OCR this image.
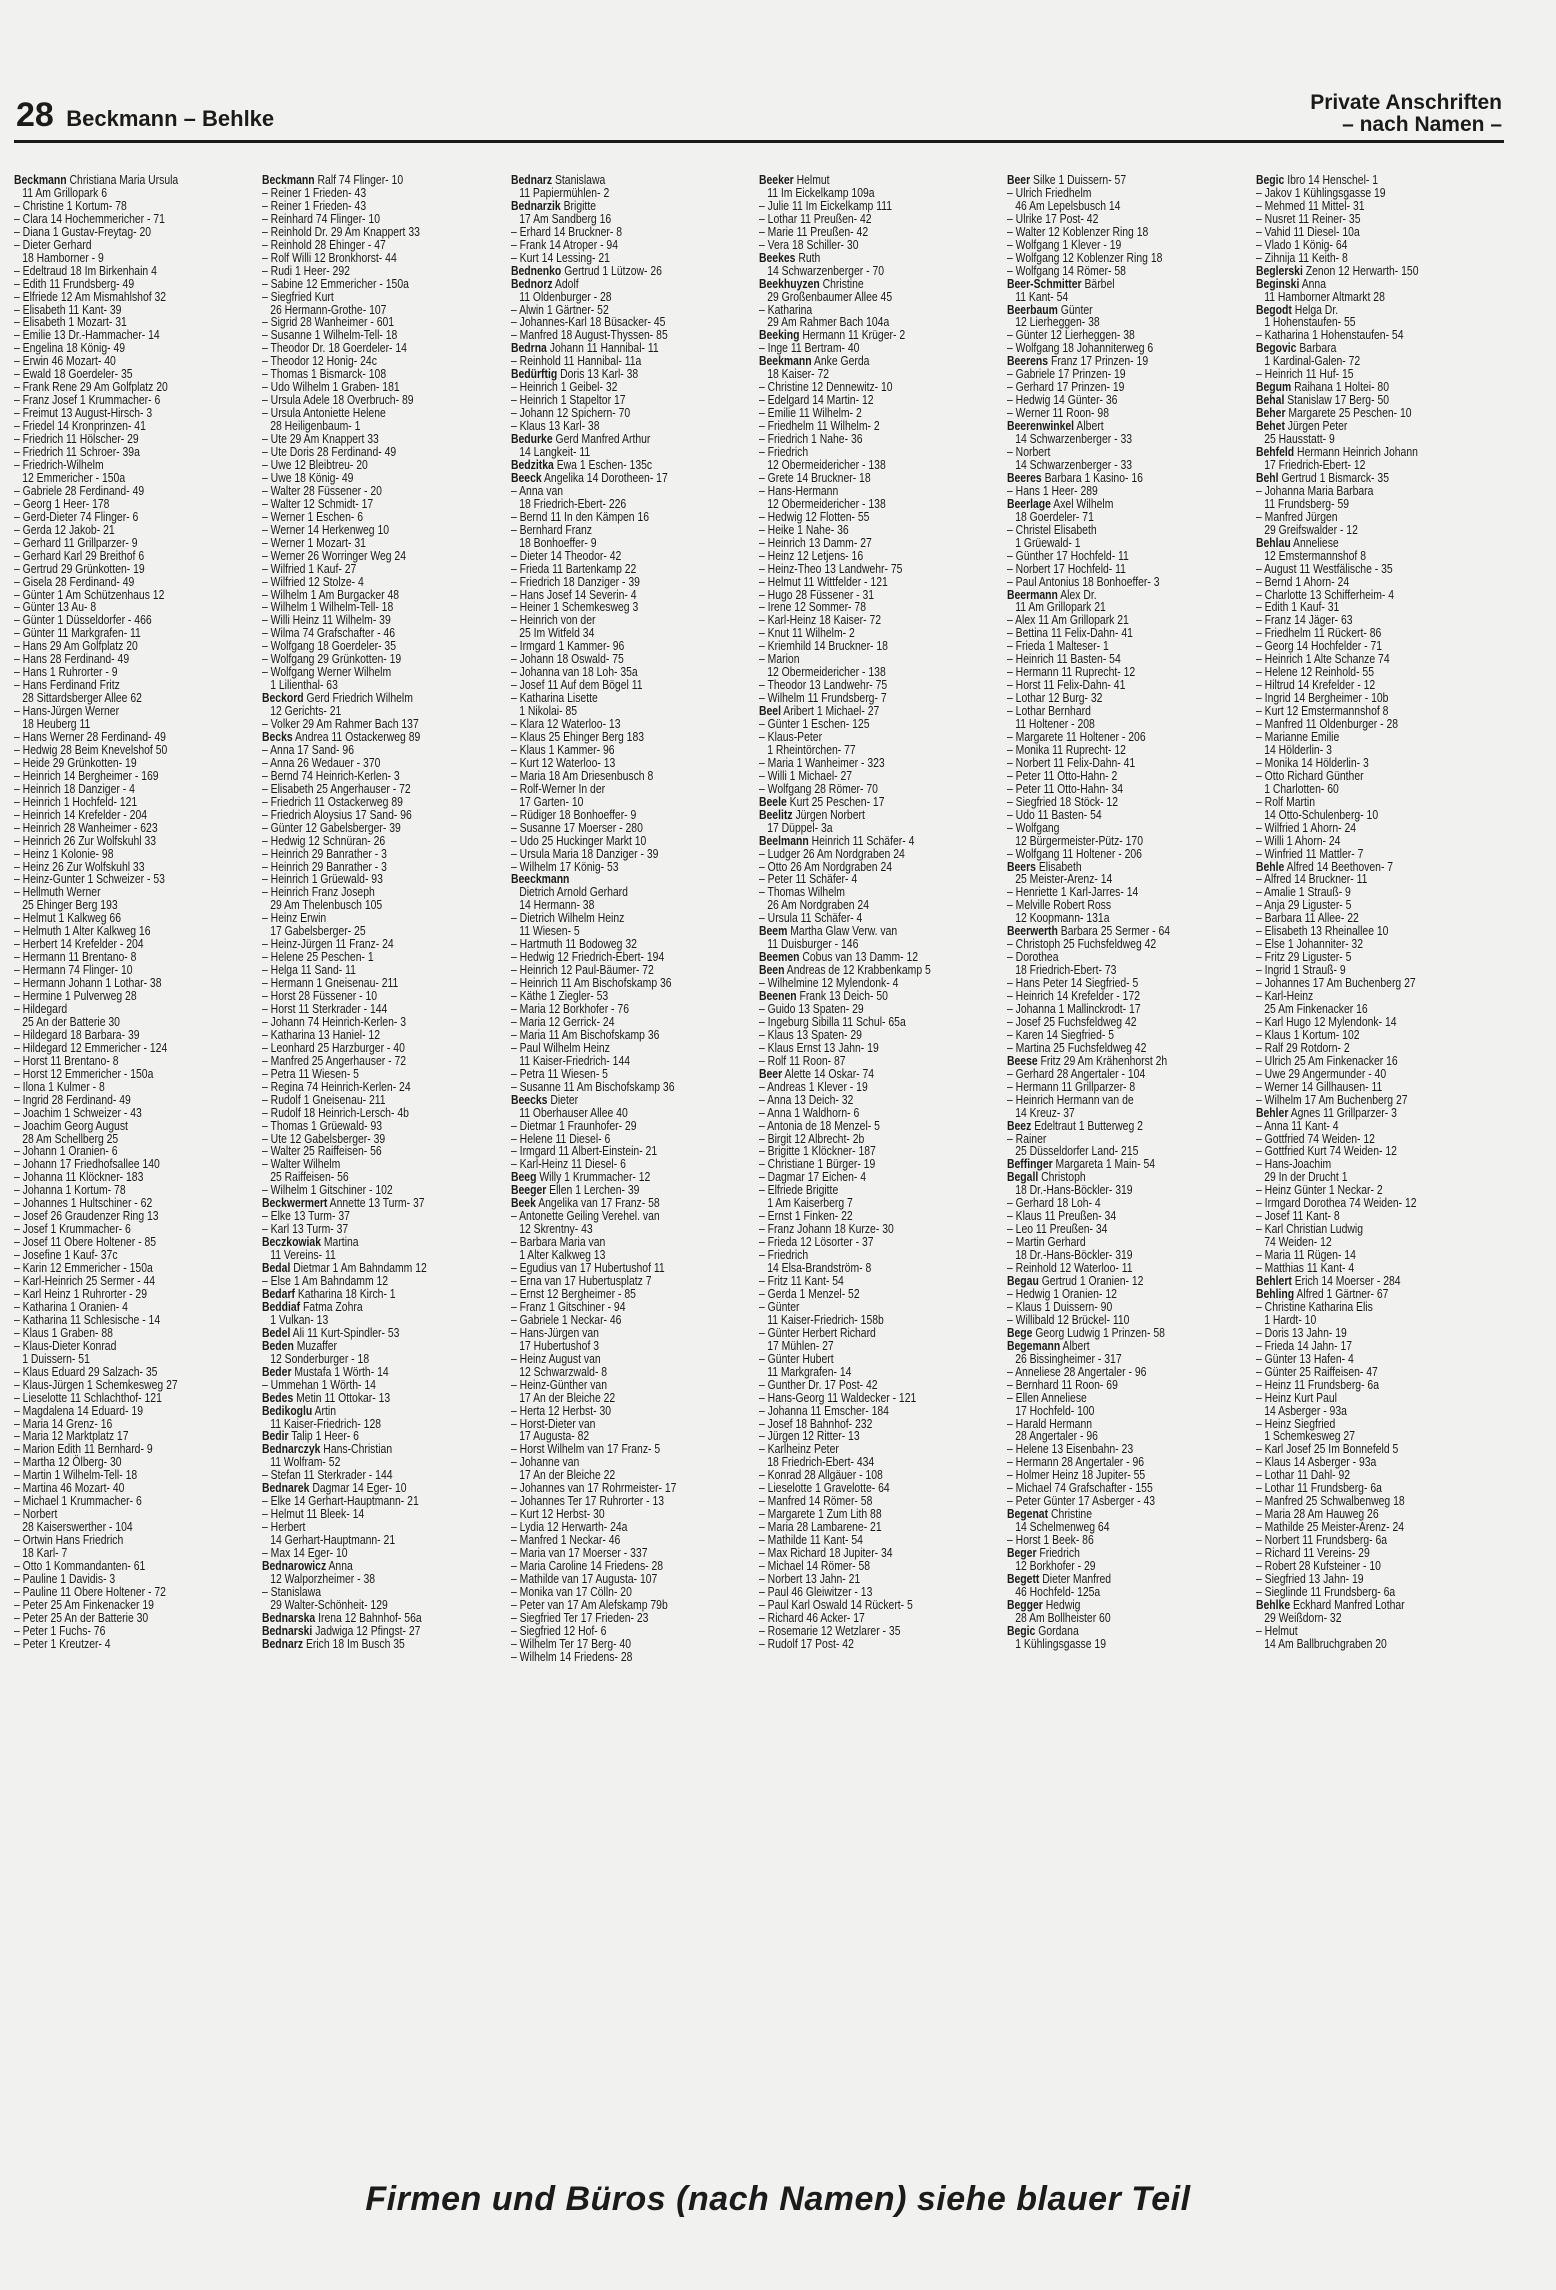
28 Beckmann – Behlke
Private Anschriften
– nach Namen –
Beckmann Christiana Maria Ursula
11 Am Grillopark 6
– Christine 1 Kortum- 78
– Clara 14 Hochemmericher - 71
– Diana 1 Gustav-Freytag- 20
– Dieter Gerhard
18 Hamborner - 9
– Edeltraud 18 Im Birkenhain 4
– Edith 11 Frundsberg- 49
– Elfriede 12 Am Mismahlshof 32
– Elisabeth 11 Kant- 39
– Elisabeth 1 Mozart- 31
– Emilie 13 Dr.-Hammacher- 14
– Engelina 18 König- 49
– Erwin 46 Mozart- 40
– Ewald 18 Goerdeler- 35
– Frank Rene 29 Am Golfplatz 20
– Franz Josef 1 Krummacher- 6
– Freimut 13 August-Hirsch- 3
– Friedel 14 Kronprinzen- 41
– Friedrich 11 Hölscher- 29
– Friedrich 11 Schroer- 39a
– Friedrich-Wilhelm
12 Emmericher - 150a
– Gabriele 28 Ferdinand- 49
– Georg 1 Heer- 178
– Gerd-Dieter 74 Flinger- 6
– Gerda 12 Jakob- 21
– Gerhard 11 Grillparzer- 9
– Gerhard Karl 29 Breithof 6
– Gertrud 29 Grünkotten- 19
– Gisela 28 Ferdinand- 49
– Günter 1 Am Schützenhaus 12
– Günter 13 Au- 8
– Günter 1 Düsseldorfer - 466
– Günter 11 Markgrafen- 11
– Hans 29 Am Golfplatz 20
– Hans 28 Ferdinand- 49
– Hans 1 Ruhrorter - 9
– Hans Ferdinand Fritz
28 Sittardsberger Allee 62
– Hans-Jürgen Werner
18 Heuberg 11
– Hans Werner 28 Ferdinand- 49
– Hedwig 28 Beim Knevelshof 50
– Heide 29 Grünkotten- 19
– Heinrich 14 Bergheimer - 169
– Heinrich 18 Danziger - 4
– Heinrich 1 Hochfeld- 121
– Heinrich 14 Krefelder - 204
– Heinrich 28 Wanheimer - 623
– Heinrich 26 Zur Wolfskuhl 33
– Heinz 1 Kolonie- 98
– Heinz 26 Zur Wolfskuhl 33
– Heinz-Gunter 1 Schweizer - 53
– Hellmuth Werner
25 Ehinger Berg 193
– Helmut 1 Kalkweg 66
– Helmuth 1 Alter Kalkweg 16
– Herbert 14 Krefelder - 204
– Hermann 11 Brentano- 8
– Hermann 74 Flinger- 10
– Hermann Johann 1 Lothar- 38
– Hermine 1 Pulverweg 28
– Hildegard
25 An der Batterie 30
– Hildegard 18 Barbara- 39
– Hildegard 12 Emmericher - 124
– Horst 11 Brentano- 8
– Horst 12 Emmericher - 150a
– Ilona 1 Kulmer - 8
– Ingrid 28 Ferdinand- 49
– Joachim 1 Schweizer - 43
– Joachim Georg August
28 Am Schellberg 25
– Johann 1 Oranien- 6
– Johann 17 Friedhofsallee 140
– Johanna 11 Klöckner- 183
– Johanna 1 Kortum- 78
– Johannes 1 Hultschiner - 62
– Josef 26 Graudenzer Ring 13
– Josef 1 Krummacher- 6
– Josef 11 Obere Holtener - 85
– Josefine 1 Kauf- 37c
– Karin 12 Emmericher - 150a
– Karl-Heinrich 25 Sermer - 44
– Karl Heinz 1 Ruhrorter - 29
– Katharina 1 Oranien- 4
– Katharina 11 Schlesische - 14
– Klaus 1 Graben- 88
– Klaus-Dieter Konrad
1 Duissern- 51
– Klaus Eduard 29 Salzach- 35
– Klaus-Jürgen 1 Schemkesweg 27
– Lieselotte 11 Schlachthof- 121
– Magdalena 14 Eduard- 19
– Maria 14 Grenz- 16
– Maria 12 Marktplatz 17
– Marion Edith 11 Bernhard- 9
– Martha 12 Ölberg- 30
– Martin 1 Wilhelm-Tell- 18
– Martina 46 Mozart- 40
– Michael 1 Krummacher- 6
– Norbert
28 Kaiserswerther - 104
– Ortwin Hans Friedrich
18 Karl- 7
– Otto 1 Kommandanten- 61
– Pauline 1 Davidis- 3
– Pauline 11 Obere Holtener - 72
– Peter 25 Am Finkenacker 19
– Peter 25 An der Batterie 30
– Peter 1 Fuchs- 76
– Peter 1 Kreutzer- 4
Beckmann Ralf 74 Flinger- 10
– Reiner 1 Frieden- 43
– Reiner 1 Frieden- 43
– Reinhard 74 Flinger- 10
– Reinhold Dr. 29 Am Knappert 33
– Reinhold 28 Ehinger - 47
– Rolf Willi 12 Bronkhorst- 44
– Rudi 1 Heer- 292
– Sabine 12 Emmericher - 150a
– Siegfried Kurt
26 Hermann-Grothe- 107
– Sigrid 28 Wanheimer - 601
– Susanne 1 Wilhelm-Tell- 18
– Theodor Dr. 18 Goerdeler- 14
– Theodor 12 Honig- 24c
– Thomas 1 Bismarck- 108
– Udo Wilhelm 1 Graben- 181
– Ursula Adele 18 Overbruch- 89
– Ursula Antoniette Helene
28 Heiligenbaum- 1
– Ute 29 Am Knappert 33
– Ute Doris 28 Ferdinand- 49
– Uwe 12 Bleibtreu- 20
– Uwe 18 König- 49
– Walter 28 Füssener - 20
– Walter 12 Schmidt- 17
– Werner 1 Eschen- 6
– Werner 14 Herkenweg 10
– Werner 1 Mozart- 31
– Werner 26 Worringer Weg 24
– Wilfried 1 Kauf- 27
– Wilfried 12 Stolze- 4
– Wilhelm 1 Am Burgacker 48
– Wilhelm 1 Wilhelm-Tell- 18
– Willi Heinz 11 Wilhelm- 39
– Wilma 74 Grafschafter - 46
– Wolfgang 18 Goerdeler- 35
– Wolfgang 29 Grünkotten- 19
– Wolfgang Werner Wilhelm
1 Lilienthal- 63
Beckord Gerd Friedrich Wilhelm
12 Gerichts- 21
– Volker 29 Am Rahmer Bach 137
Becks Andrea 11 Ostackerweg 89
– Anna 17 Sand- 96
– Anna 26 Wedauer - 370
– Bernd 74 Heinrich-Kerlen- 3
– Elisabeth 25 Angerhauser - 72
– Friedrich 11 Ostackerweg 89
– Friedrich Aloysius 17 Sand- 96
– Günter 12 Gabelsberger- 39
– Hedwig 12 Schnüran- 26
– Heinrich 29 Banrather - 3
– Heinrich 29 Banrather - 3
– Heinrich 1 Grüewald- 93
– Heinrich Franz Joseph
29 Am Thelenbusch 105
– Heinz Erwin
17 Gabelsberger- 25
– Heinz-Jürgen 11 Franz- 24
– Helene 25 Peschen- 1
– Helga 11 Sand- 11
– Hermann 1 Gneisenau- 211
– Horst 28 Füssener - 10
– Horst 11 Sterkrader - 144
– Johann 74 Heinrich-Kerlen- 3
– Katharina 13 Haniel- 12
– Leonhard 25 Harzburger - 40
– Manfred 25 Angerhauser - 72
– Petra 11 Wiesen- 5
– Regina 74 Heinrich-Kerlen- 24
– Rudolf 1 Gneisenau- 211
– Rudolf 18 Heinrich-Lersch- 4b
– Thomas 1 Grüewald- 93
– Ute 12 Gabelsberger- 39
– Walter 25 Raiffeisen- 56
– Walter Wilhelm
25 Raiffeisen- 56
– Wilhelm 1 Gitschiner - 102
Beckwermert Annette 13 Turm- 37
– Elke 13 Turm- 37
– Karl 13 Turm- 37
Beczkowiak Martina
11 Vereins- 11
Bedal Dietmar 1 Am Bahndamm 12
– Else 1 Am Bahndamm 12
Bedarf Katharina 18 Kirch- 1
Beddiaf Fatma Zohra
1 Vulkan- 13
Bedel Ali 11 Kurt-Spindler- 53
Beden Muzaffer
12 Sonderburger - 18
Beder Mustafa 1 Wörth- 14
– Ummehan 1 Wörth- 14
Bedes Metin 11 Ottokar- 13
Bedikoglu Artin
11 Kaiser-Friedrich- 128
Bedir Talip 1 Heer- 6
Bednarczyk Hans-Christian
11 Wolfram- 52
– Stefan 11 Sterkrader - 144
Bednarek Dagmar 14 Eger- 10
– Elke 14 Gerhart-Hauptmann- 21
– Helmut 11 Bleek- 14
– Herbert
14 Gerhart-Hauptmann- 21
– Max 14 Eger- 10
Bednarowicz Anna
12 Walporzheimer - 38
– Stanislawa
29 Walter-Schönheit- 129
Bednarska Irena 12 Bahnhof- 56a
Bednarski Jadwiga 12 Pfingst- 27
Bednarz Erich 18 Im Busch 35
Bednarz Stanislawa
11 Papiermühlen- 2
Bednarzik Brigitte
17 Am Sandberg 16
– Erhard 14 Bruckner- 8
– Frank 14 Atroper - 94
– Kurt 14 Lessing- 21
Bednenko Gertrud 1 Lützow- 26
Bednorz Adolf
11 Oldenburger - 28
– Alwin 1 Gärtner- 52
– Johannes-Karl 18 Büsacker- 45
– Manfred 18 August-Thyssen- 85
Bedrna Johann 11 Hannibal- 11
– Reinhold 11 Hannibal- 11a
Bedürftig Doris 13 Karl- 38
– Heinrich 1 Geibel- 32
– Heinrich 1 Stapeltor 17
– Johann 12 Spichern- 70
– Klaus 13 Karl- 38
Bedurke Gerd Manfred Arthur
14 Langkeit- 11
Bedzitka Ewa 1 Eschen- 135c
Beeck Angelika 14 Dorotheen- 17
– Anna van
18 Friedrich-Ebert- 226
– Bernd 11 In den Kämpen 16
– Bernhard Franz
18 Bonhoeffer- 9
– Dieter 14 Theodor- 42
– Frieda 11 Bartenkamp 22
– Friedrich 18 Danziger - 39
– Hans Josef 14 Severin- 4
– Heiner 1 Schemkesweg 3
– Heinrich von der
25 Im Witfeld 34
– Irmgard 1 Kammer- 96
– Johann 18 Oswald- 75
– Johanna van 18 Loh- 35a
– Josef 11 Auf dem Bögel 11
– Katharina Lisette
1 Nikolai- 85
– Klara 12 Waterloo- 13
– Klaus 25 Ehinger Berg 183
– Klaus 1 Kammer- 96
– Kurt 12 Waterloo- 13
– Maria 18 Am Driesenbusch 8
– Rolf-Werner In der
17 Garten- 10
– Rüdiger 18 Bonhoeffer- 9
– Susanne 17 Moerser - 280
– Udo 25 Huckinger Markt 10
– Ursula Maria 18 Danziger - 39
– Wilhelm 17 König- 53
Beeckmann
Dietrich Arnold Gerhard
14 Hermann- 38
– Dietrich Wilhelm Heinz
11 Wiesen- 5
– Hartmuth 11 Bodoweg 32
– Hedwig 12 Friedrich-Ebert- 194
– Heinrich 12 Paul-Bäumer- 72
– Heinrich 11 Am Bischofskamp 36
– Käthe 1 Ziegler- 53
– Maria 12 Borkhofer - 76
– Maria 12 Gerrick- 24
– Maria 11 Am Bischofskamp 36
– Paul Wilhelm Heinz
11 Kaiser-Friedrich- 144
– Petra 11 Wiesen- 5
– Susanne 11 Am Bischofskamp 36
Beecks Dieter
11 Oberhauser Allee 40
– Dietmar 1 Fraunhofer- 29
– Helene 11 Diesel- 6
– Irmgard 11 Albert-Einstein- 21
– Karl-Heinz 11 Diesel- 6
Beeg Willy 1 Krummacher- 12
Beeger Ellen 1 Lerchen- 39
Beek Angelika van 17 Franz- 58
– Antonette Geiling Verehel. van
12 Skrentny- 43
– Barbara Maria van
1 Alter Kalkweg 13
– Egudius van 17 Hubertushof 11
– Erna van 17 Hubertusplatz 7
– Ernst 12 Bergheimer - 85
– Franz 1 Gitschiner - 94
– Gabriele 1 Neckar- 46
– Hans-Jürgen van
17 Hubertushof 3
– Heinz August van
12 Schwarzwald- 8
– Heinz-Günther van
17 An der Bleiche 22
– Herta 12 Herbst- 30
– Horst-Dieter van
17 Augusta- 82
– Horst Wilhelm van 17 Franz- 5
– Johanne van
17 An der Bleiche 22
– Johannes van 17 Rohrmeister- 17
– Johannes Ter 17 Ruhrorter - 13
– Kurt 12 Herbst- 30
– Lydia 12 Herwarth- 24a
– Manfred 1 Neckar- 46
– Maria van 17 Moerser - 337
– Maria Caroline 14 Friedens- 28
– Mathilde van 17 Augusta- 107
– Monika van 17 Cölln- 20
– Peter van 17 Am Alefskamp 79b
– Siegfried Ter 17 Frieden- 23
– Siegfried 12 Hof- 6
– Wilhelm Ter 17 Berg- 40
– Wilhelm 14 Friedens- 28
Beeker Helmut
11 Im Eickelkamp 109a
– Julie 11 Im Eickelkamp 111
– Lothar 11 Preußen- 42
– Marie 11 Preußen- 42
– Vera 18 Schiller- 30
Beekes Ruth
14 Schwarzenberger - 70
Beekhuyzen Christine
29 Großenbaumer Allee 45
– Katharina
29 Am Rahmer Bach 104a
Beeking Hermann 11 Krüger- 2
– Inge 11 Bertram- 40
Beekmann Anke Gerda
18 Kaiser- 72
– Christine 12 Dennewitz- 10
– Edelgard 14 Martin- 12
– Emilie 11 Wilhelm- 2
– Friedhelm 11 Wilhelm- 2
– Friedrich 1 Nahe- 36
– Friedrich
12 Obermeidericher - 138
– Grete 14 Bruckner- 18
– Hans-Hermann
12 Obermeidericher - 138
– Hedwig 12 Flotten- 55
– Heike 1 Nahe- 36
– Heinrich 13 Damm- 27
– Heinz 12 Letjens- 16
– Heinz-Theo 13 Landwehr- 75
– Helmut 11 Wittfelder - 121
– Hugo 28 Füssener - 31
– Irene 12 Sommer- 78
– Karl-Heinz 18 Kaiser- 72
– Knut 11 Wilhelm- 2
– Kriemhild 14 Bruckner- 18
– Marion
12 Obermeidericher - 138
– Theodor 13 Landwehr- 75
– Wilhelm 11 Frundsberg- 7
Beel Aribert 1 Michael- 27
– Günter 1 Eschen- 125
– Klaus-Peter
1 Rheintörchen- 77
– Maria 1 Wanheimer - 323
– Willi 1 Michael- 27
– Wolfgang 28 Römer- 70
Beele Kurt 25 Peschen- 17
Beelitz Jürgen Norbert
17 Düppel- 3a
Beelmann Heinrich 11 Schäfer- 4
– Ludger 26 Am Nordgraben 24
– Otto 26 Am Nordgraben 24
– Peter 11 Schäfer- 4
– Thomas Wilhelm
26 Am Nordgraben 24
– Ursula 11 Schäfer- 4
Beem Martha Glaw Verw. van
11 Duisburger - 146
Beemen Cobus van 13 Damm- 12
Been Andreas de 12 Krabbenkamp 5
– Wilhelmine 12 Mylendonk- 4
Beenen Frank 13 Deich- 50
– Guido 13 Spaten- 29
– Ingeburg Sibilla 11 Schul- 65a
– Klaus 13 Spaten- 29
– Klaus Ernst 13 Jahn- 19
– Rolf 11 Roon- 87
Beer Alette 14 Oskar- 74
– Andreas 1 Klever - 19
– Anna 13 Deich- 32
– Anna 1 Waldhorn- 6
– Antonia de 18 Menzel- 5
– Birgit 12 Albrecht- 2b
– Brigitte 1 Klöckner- 187
– Christiane 1 Bürger- 19
– Dagmar 17 Eichen- 4
– Elfriede Brigitte
1 Am Kaiserberg 7
– Ernst 1 Finken- 22
– Franz Johann 18 Kurze- 30
– Frieda 12 Lösorter - 37
– Friedrich
14 Elsa-Brandström- 8
– Fritz 11 Kant- 54
– Gerda 1 Menzel- 52
– Günter
11 Kaiser-Friedrich- 158b
– Günter Herbert Richard
17 Mühlen- 27
– Günter Hubert
11 Markgrafen- 14
– Gunther Dr. 17 Post- 42
– Hans-Georg 11 Waldecker - 121
– Johanna 11 Emscher- 184
– Josef 18 Bahnhof- 232
– Jürgen 12 Ritter- 13
– Karlheinz Peter
18 Friedrich-Ebert- 434
– Konrad 28 Allgäuer - 108
– Lieselotte 1 Gravelotte- 64
– Manfred 14 Römer- 58
– Margarete 1 Zum Lith 88
– Maria 28 Lambarene- 21
– Mathilde 11 Kant- 54
– Max Richard 18 Jupiter- 34
– Michael 14 Römer- 58
– Norbert 13 Jahn- 21
– Paul 46 Gleiwitzer - 13
– Paul Karl Oswald 14 Rückert- 5
– Richard 46 Acker- 17
– Rosemarie 12 Wetzlarer - 35
– Rudolf 17 Post- 42
Beer Silke 1 Duissern- 57
– Ulrich Friedhelm
46 Am Lepelsbusch 14
– Ulrike 17 Post- 42
– Walter 12 Koblenzer Ring 18
– Wolfgang 1 Klever - 19
– Wolfgang 12 Koblenzer Ring 18
– Wolfgang 14 Römer- 58
Beer-Schmitter Bärbel
11 Kant- 54
Beerbaum Günter
12 Lierheggen- 38
– Günter 12 Lierheggen- 38
– Wolfgang 18 Johanniterweg 6
Beerens Franz 17 Prinzen- 19
– Gabriele 17 Prinzen- 19
– Gerhard 17 Prinzen- 19
– Hedwig 14 Günter- 36
– Werner 11 Roon- 98
Beerenwinkel Albert
14 Schwarzenberger - 33
– Norbert
14 Schwarzenberger - 33
Beeres Barbara 1 Kasino- 16
– Hans 1 Heer- 289
Beerlage Axel Wilhelm
18 Goerdeler- 71
– Christel Elisabeth
1 Grüewald- 1
– Günther 17 Hochfeld- 11
– Norbert 17 Hochfeld- 11
– Paul Antonius 18 Bonhoeffer- 3
Beermann Alex Dr.
11 Am Grillopark 21
– Alex 11 Am Grillopark 21
– Bettina 11 Felix-Dahn- 41
– Frieda 1 Malteser- 1
– Heinrich 11 Basten- 54
– Hermann 11 Ruprecht- 12
– Horst 11 Felix-Dahn- 41
– Lothar 12 Burg- 32
– Lothar Bernhard
11 Holtener - 208
– Margarete 11 Holtener - 206
– Monika 11 Ruprecht- 12
– Norbert 11 Felix-Dahn- 41
– Peter 11 Otto-Hahn- 2
– Peter 11 Otto-Hahn- 34
– Siegfried 18 Stöck- 12
– Udo 11 Basten- 54
– Wolfgang
12 Bürgermeister-Pütz- 170
– Wolfgang 11 Holtener - 206
Beers Elisabeth
25 Meister-Arenz- 14
– Henriette 1 Karl-Jarres- 14
– Melville Robert Ross
12 Koopmann- 131a
Beerwerth Barbara 25 Sermer - 64
– Christoph 25 Fuchsfeldweg 42
– Dorothea
18 Friedrich-Ebert- 73
– Hans Peter 14 Siegfried- 5
– Heinrich 14 Krefelder - 172
– Johanna 1 Mallinckrodt- 17
– Josef 25 Fuchsfeldweg 42
– Karen 14 Siegfried- 5
– Martina 25 Fuchsfeldweg 42
Beese Fritz 29 Am Krähenhorst 2h
– Gerhard 28 Angertaler - 104
– Hermann 11 Grillparzer- 8
– Heinrich Hermann van de
14 Kreuz- 37
Beez Edeltraut 1 Butterweg 2
– Rainer
25 Düsseldorfer Land- 215
Beffinger Margareta 1 Main- 54
Begall Christoph
18 Dr.-Hans-Böckler- 319
– Gerhard 18 Loh- 4
– Klaus 11 Preußen- 34
– Leo 11 Preußen- 34
– Martin Gerhard
18 Dr.-Hans-Böckler- 319
– Reinhold 12 Waterloo- 11
Begau Gertrud 1 Oranien- 12
– Hedwig 1 Oranien- 12
– Klaus 1 Duissern- 90
– Willibald 12 Brückel- 110
Bege Georg Ludwig 1 Prinzen- 58
Begemann Albert
26 Bissingheimer - 317
– Anneliese 28 Angertaler - 96
– Bernhard 11 Roon- 69
– Ellen Anneliese
17 Hochfeld- 100
– Harald Hermann
28 Angertaler - 96
– Helene 13 Eisenbahn- 23
– Hermann 28 Angertaler - 96
– Holmer Heinz 18 Jupiter- 55
– Michael 74 Grafschafter - 155
– Peter Günter 17 Asberger - 43
Begenat Christine
14 Schelmenweg 64
– Horst 1 Beek- 86
Beger Friedrich
12 Borkhofer - 29
Begett Dieter Manfred
46 Hochfeld- 125a
Begger Hedwig
28 Am Bollheister 60
Begic Gordana
1 Kühlingsgasse 19
Begic Ibro 14 Henschel- 1
– Jakov 1 Kühlingsgasse 19
– Mehmed 11 Mittel- 31
– Nusret 11 Reiner- 35
– Vahid 11 Diesel- 10a
– Vlado 1 König- 64
– Zihnija 11 Keith- 8
Beglerski Zenon 12 Herwarth- 150
Beginski Anna
11 Hamborner Altmarkt 28
Begodt Helga Dr.
1 Hohenstaufen- 55
– Katharina 1 Hohenstaufen- 54
Begovic Barbara
1 Kardinal-Galen- 72
– Heinrich 11 Huf- 15
Begum Raihana 1 Holtei- 80
Behal Stanislaw 17 Berg- 50
Beher Margarete 25 Peschen- 10
Behet Jürgen Peter
25 Hausstatt- 9
Behfeld Hermann Heinrich Johann
17 Friedrich-Ebert- 12
Behl Gertrud 1 Bismarck- 35
– Johanna Maria Barbara
11 Frundsberg- 59
– Manfred Jürgen
29 Greifswalder - 12
Behlau Anneliese
12 Emstermannshof 8
– August 11 Westfälische - 35
– Bernd 1 Ahorn- 24
– Charlotte 13 Schifferheim- 4
– Edith 1 Kauf- 31
– Franz 14 Jäger- 63
– Friedhelm 11 Rückert- 86
– Georg 14 Hochfelder - 71
– Heinrich 1 Alte Schanze 74
– Helene 12 Reinhold- 55
– Hiltrud 14 Krefelder - 12
– Ingrid 14 Bergheimer - 10b
– Kurt 12 Emstermannshof 8
– Manfred 11 Oldenburger - 28
– Marianne Emilie
14 Hölderlin- 3
– Monika 14 Hölderlin- 3
– Otto Richard Günther
1 Charlotten- 60
– Rolf Martin
14 Otto-Schulenberg- 10
– Wilfried 1 Ahorn- 24
– Willi 1 Ahorn- 24
– Winfried 11 Mattler- 7
Behle Alfred 14 Beethoven- 7
– Alfred 14 Bruckner- 11
– Amalie 1 Strauß- 9
– Anja 29 Liguster- 5
– Barbara 11 Allee- 22
– Elisabeth 13 Rheinallee 10
– Else 1 Johanniter- 32
– Fritz 29 Liguster- 5
– Ingrid 1 Strauß- 9
– Johannes 17 Am Buchenberg 27
– Karl-Heinz
25 Am Finkenacker 16
– Karl Hugo 12 Mylendonk- 14
– Klaus 1 Kortum- 102
– Ralf 29 Rotdorn- 2
– Ulrich 25 Am Finkenacker 16
– Uwe 29 Angermunder - 40
– Werner 14 Gillhausen- 11
– Wilhelm 17 Am Buchenberg 27
Behler Agnes 11 Grillparzer- 3
– Anna 11 Kant- 4
– Gottfried 74 Weiden- 12
– Gottfried Kurt 74 Weiden- 12
– Hans-Joachim
29 In der Drucht 1
– Heinz Günter 1 Neckar- 2
– Irmgard Dorothea 74 Weiden- 12
– Josef 11 Kant- 8
– Karl Christian Ludwig
74 Weiden- 12
– Maria 11 Rügen- 14
– Matthias 11 Kant- 4
Behlert Erich 14 Moerser - 284
Behling Alfred 1 Gärtner- 67
– Christine Katharina Elis
1 Hardt- 10
– Doris 13 Jahn- 19
– Frieda 14 Jahn- 17
– Günter 13 Hafen- 4
– Günter 25 Raiffeisen- 47
– Heinz 11 Frundsberg- 6a
– Heinz Kurt Paul
14 Asberger - 93a
– Heinz Siegfried
1 Schemkesweg 27
– Karl Josef 25 Im Bonnefeld 5
– Klaus 14 Asberger - 93a
– Lothar 11 Dahl- 92
– Lothar 11 Frundsberg- 6a
– Manfred 25 Schwalbenweg 18
– Maria 28 Am Hauweg 26
– Mathilde 25 Meister-Arenz- 24
– Norbert 11 Frundsberg- 6a
– Richard 11 Vereins- 29
– Robert 28 Kufsteiner - 10
– Siegfried 13 Jahn- 19
– Sieglinde 11 Frundsberg- 6a
Behlke Eckhard Manfred Lothar
29 Weißdorn- 32
– Helmut
14 Am Ballbruchgraben 20
Firmen und Büros (nach Namen) siehe blauer Teil
